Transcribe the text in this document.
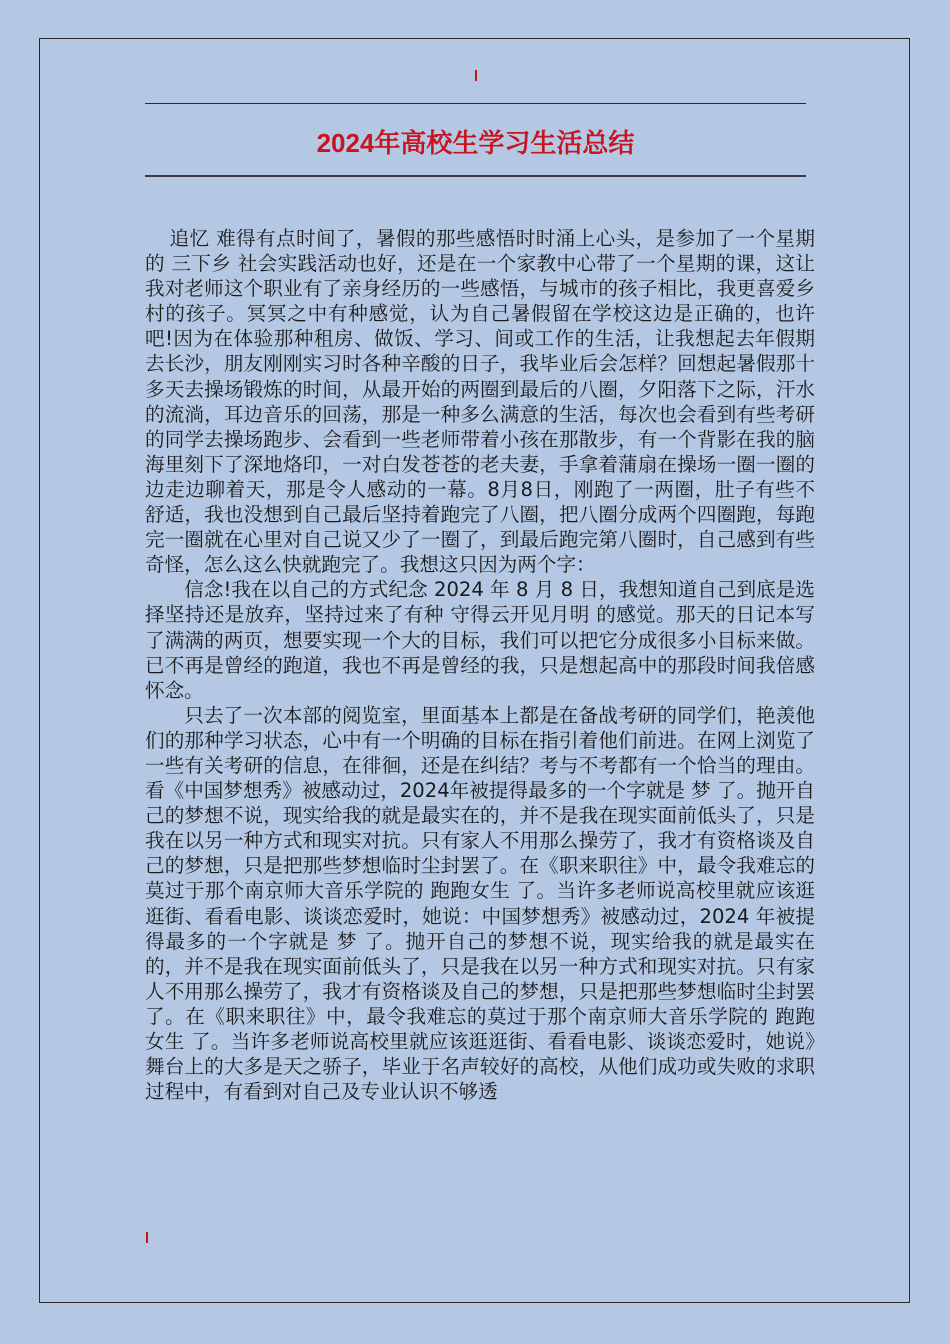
2024年高校生学习生活总结

追忆 难得有点时间了，暑假的那些感悟时时涌上心头，是参加了一个星期的 三下乡 社会实践活动也好，还是在一个家教中心带了一个星期的课，这让我对老师这个职业有了亲身经历的一些感悟，与城市的孩子相比，我更喜爱乡村的孩子。冥冥之中有种感觉，认为自己暑假留在学校这边是正确的，也许吧!因为在体验那种租房、做饭、学习、间或工作的生活，让我想起去年假期去长沙，朋友刚刚实习时各种辛酸的日子，我毕业后会怎样？回想起暑假那十多天去操场锻炼的时间，从最开始的两圈到最后的八圈，夕阳落下之际，汗水的流淌，耳边音乐的回荡，那是一种多么满意的生活，每次也会看到有些考研的同学去操场跑步、会看到一些老师带着小孩在那散步，有一个背影在我的脑海里刻下了深地烙印，一对白发苍苍的老夫妻，手拿着蒲扇在操场一圈一圈的边走边聊着天，那是令人感动的一幕。8月8日，刚跑了一两圈，肚子有些不舒适，我也没想到自己最后坚持着跑完了八圈，把八圈分成两个四圈跑，每跑完一圈就在心里对自己说又少了一圈了，到最后跑完第八圈时，自己感到有些奇怪，怎么这么快就跑完了。我想这只因为两个字：

信念!我在以自己的方式纪念 2024 年 8 月 8 日，我想知道自己到底是选择坚持还是放弃，坚持过来了有种 守得云开见月明 的感觉。那天的日记本写了满满的两页，想要实现一个大的目标，我们可以把它分成很多小目标来做。已不再是曾经的跑道，我也不再是曾经的我，只是想起高中的那段时间我倍感怀念。

只去了一次本部的阅览室，里面基本上都是在备战考研的同学们，艳羡他们的那种学习状态，心中有一个明确的目标在指引着他们前进。在网上浏览了一些有关考研的信息，在徘徊，还是在纠结？考与不考都有一个恰当的理由。看《中国梦想秀》被感动过，2024年被提得最多的一个字就是 梦 了。抛开自己的梦想不说，现实给我的就是最实在的，并不是我在现实面前低头了，只是我在以另一种方式和现实对抗。只有家人不用那么操劳了，我才有资格谈及自己的梦想，只是把那些梦想临时尘封罢了。在《职来职往》中，最令我难忘的莫过于那个南京师大音乐学院的 跑跑女生 了。当许多老师说高校里就应该逛逛街、看看电影、谈谈恋爱时，她说：中国梦想秀》被感动过，2024 年被提得最多的一个字就是 梦 了。抛开自己的梦想不说，现实给我的就是最实在的，并不是我在现实面前低头了，只是我在以另一种方式和现实对抗。只有家人不用那么操劳了，我才有资格谈及自己的梦想，只是把那些梦想临时尘封罢了。在《职来职往》中，最令我难忘的莫过于那个南京师大音乐学院的 跑跑女生 了。当许多老师说高校里就应该逛逛街、看看电影、谈谈恋爱时，她说》舞台上的大多是天之骄子，毕业于名声较好的高校，从他们成功或失败的求职过程中，有看到对自己及专业认识不够透
